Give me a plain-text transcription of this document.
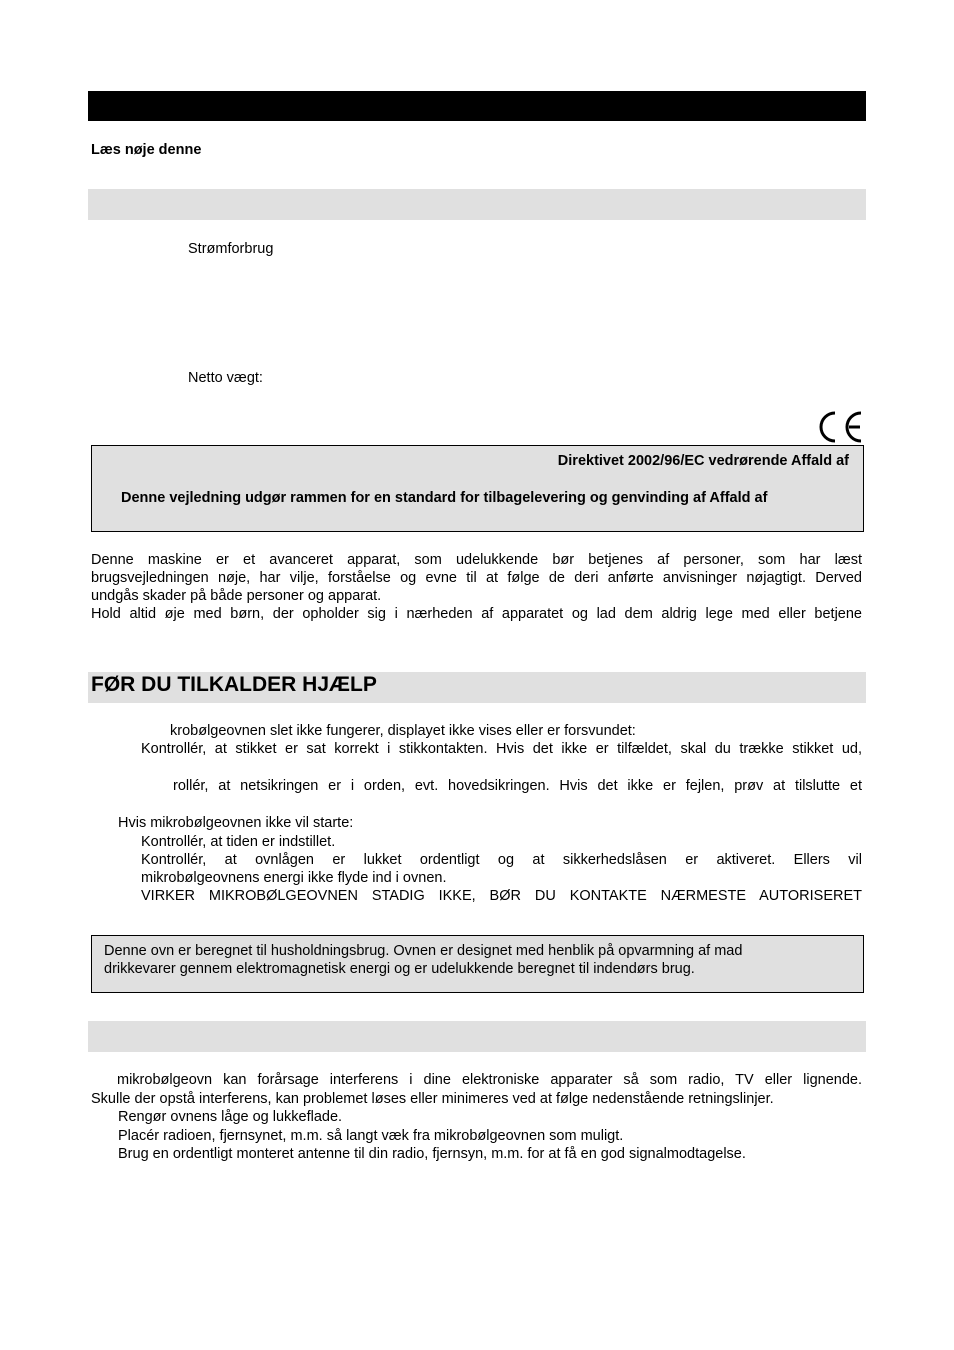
Læs nøje denne
Strømforbrug
Netto vægt:
Direktivet 2002/96/EC vedrørende Affald af
Denne vejledning udgør rammen for en standard for tilbagelevering og genvinding af Affald af
Denne maskine er et avanceret apparat, som udelukkende bør betjenes af personer, som har læst
brugsvejledningen nøje, har vilje, forståelse og evne til at følge de deri anførte anvisninger nøjagtigt. Derved
undgås skader på både personer og apparat.
Hold altid øje med børn, der opholder sig i nærheden af apparatet og lad dem aldrig lege med eller betjene
FØR DU TILKALDER HJÆLP
krobølgeovnen slet ikke fungerer, displayet ikke vises eller er forsvundet:
Kontrollér, at stikket er sat korrekt i stikkontakten. Hvis det ikke er tilfældet, skal du trække stikket ud,
rollér, at netsikringen er i orden, evt. hovedsikringen. Hvis det ikke er fejlen, prøv at tilslutte et
Hvis mikrobølgeovnen ikke vil starte:
Kontrollér, at tiden er indstillet.
Kontrollér, at ovnlågen er lukket ordentligt og at sikkerhedslåsen er aktiveret. Ellers vil
mikrobølgeovnens energi ikke flyde ind i ovnen.
VIRKER MIKROBØLGEOVNEN STADIG IKKE, BØR DU KONTAKTE NÆRMESTE AUTORISERET
Denne ovn er beregnet til husholdningsbrug. Ovnen er designet med henblik på opvarmning af mad
drikkevarer gennem elektromagnetisk energi og er udelukkende beregnet til indendørs brug.
mikrobølgeovn kan forårsage interferens i dine elektroniske apparater så som radio, TV eller lignende.
Skulle der opstå interferens, kan problemet løses eller minimeres ved at følge nedenstående retningslinjer.
Rengør ovnens låge og lukkeflade.
Placér radioen, fjernsynet, m.m. så langt væk fra mikrobølgeovnen som muligt.
Brug en ordentligt monteret antenne til din radio, fjernsyn, m.m. for at få en god signalmodtagelse.
